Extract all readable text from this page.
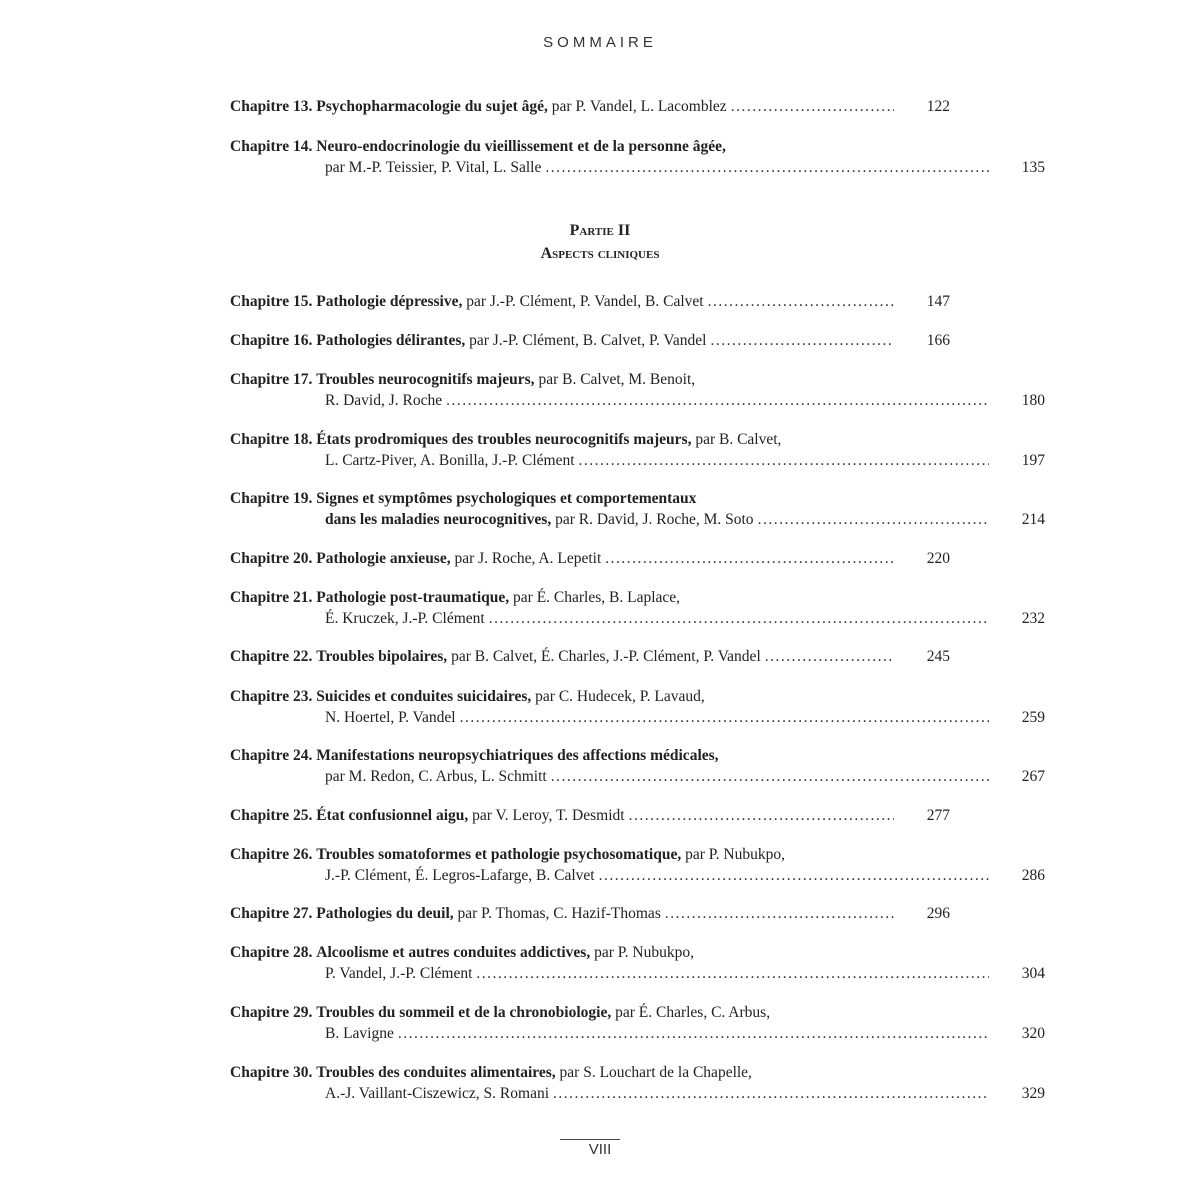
SOMMAIRE
Partie II
Aspects cliniques
Chapitre 13. Psychopharmacologie du sujet âgé, par P. Vandel, L. Lacomblez .....	122
Chapitre 14. Neuro-endocrinologie du vieillissement et de la personne âgée,
par M.-P. Teissier, P. Vital, L. Salle .....	135
Chapitre 15. Pathologie dépressive, par J.-P. Clément, P. Vandel, B. Calvet .....	147
Chapitre 16. Pathologies délirantes, par J.-P. Clément, B. Calvet, P. Vandel .....	166
Chapitre 17. Troubles neurocognitifs majeurs, par B. Calvet, M. Benoit,
R. David, J. Roche .....	180
Chapitre 18. États prodromiques des troubles neurocognitifs majeurs, par B. Calvet,
L. Cartz-Piver, A. Bonilla, J.-P. Clément .....	197
Chapitre 19. Signes et symptômes psychologiques et comportementaux
dans les maladies neurocognitives, par R. David, J. Roche, M. Soto .....	214
Chapitre 20. Pathologie anxieuse, par J. Roche, A. Lepetit .....	220
Chapitre 21. Pathologie post-traumatique, par É. Charles, B. Laplace,
É. Kruczek, J.-P. Clément .....	232
Chapitre 22. Troubles bipolaires, par B. Calvet, É. Charles, J.-P. Clément, P. Vandel .....	245
Chapitre 23. Suicides et conduites suicidaires, par C. Hudecek, P. Lavaud,
N. Hoertel, P. Vandel .....	259
Chapitre 24. Manifestations neuropsychiatriques des affections médicales,
par M. Redon, C. Arbus, L. Schmitt .....	267
Chapitre 25. État confusionnel aigu, par V. Leroy, T. Desmidt .....	277
Chapitre 26. Troubles somatoformes et pathologie psychosomatique, par P. Nubukpo,
J.-P. Clément, É. Legros-Lafarge, B. Calvet .....	286
Chapitre 27. Pathologies du deuil, par P. Thomas, C. Hazif-Thomas .....	296
Chapitre 28. Alcoolisme et autres conduites addictives, par P. Nubukpo,
P. Vandel, J.-P. Clément .....	304
Chapitre 29. Troubles du sommeil et de la chronobiologie, par É. Charles, C. Arbus,
B. Lavigne .....	320
Chapitre 30. Troubles des conduites alimentaires, par S. Louchart de la Chapelle,
A.-J. Vaillant-Ciszewicz, S. Romani .....	329
VIII
